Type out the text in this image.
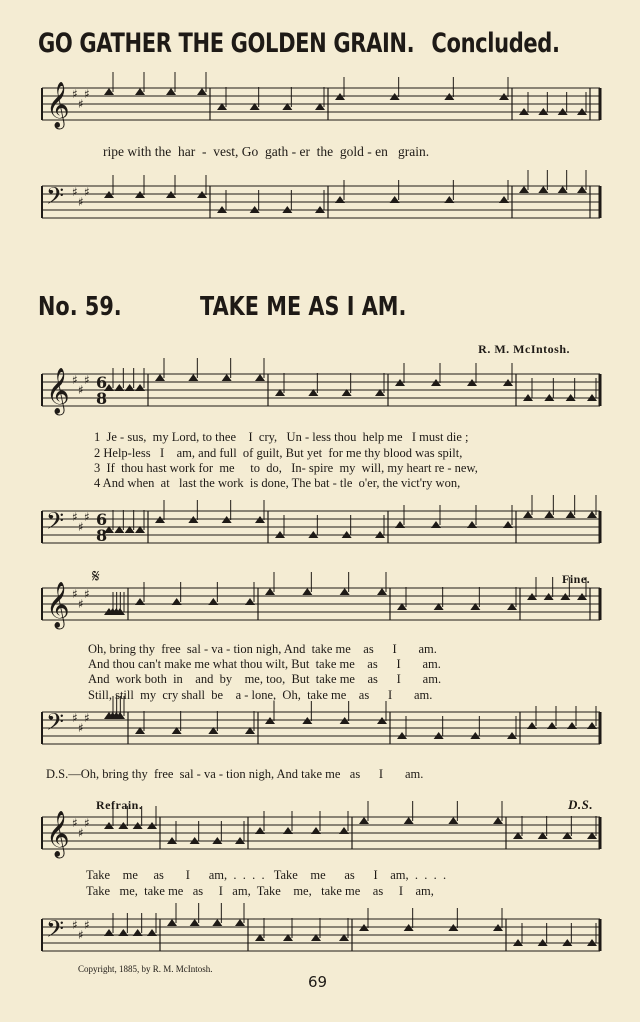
GO GATHER THE GOLDEN GRAIN. Concluded.
ripe with the  har  -  vest, Go  gath - er  the  gold - en   grain.
No. 59.	TAKE ME AS I AM.
R. M. McIntosh.
1  Je - sus,  my Lord, to thee    I  cry,   Un - less thou  help me   I must die ;
2 Help-less   I    am, and full  of guilt, But yet  for me thy blood was spilt,
3  If  thou hast work for  me     to  do,   In- spire  my  will, my heart re - new,
4 And when  at   last the work  is done, The bat - tle  o'er, the vict'ry won,
Fine.
Oh, bring thy  free  sal - va - tion nigh, And  take me    as      I       am.
And thou can't make me what thou wilt, But  take me    as      I       am.
And  work both  in    and  by    me, too,  But  take me    as      I       am.
Still, still  my  cry shall  be    a - lone,  Oh,  take me    as      I       am.
D.S.—Oh, bring thy  free  sal - va - tion nigh, And take me   as      I       am.
Refrain.	D.S.
Take    me     as       I      am,  .  .  .  .   Take    me      as      I    am,  .  .  .  .
Take   me,  take me   as     I   am,  Take    me,   take me    as     I    am,
Copyright, 1885, by R. M. McIntosh.
69
𝄞 ♯
♯
♯
𝄢 ♯
♯
♯
𝄞 ♯
♯
♯
𝄢 ♯
♯
♯
𝄞 ♯
♯
♯
𝄢 ♯
♯
♯
𝄞 ♯
♯
♯
𝄢 ♯
♯
♯
6
8
6
8
𝄋
